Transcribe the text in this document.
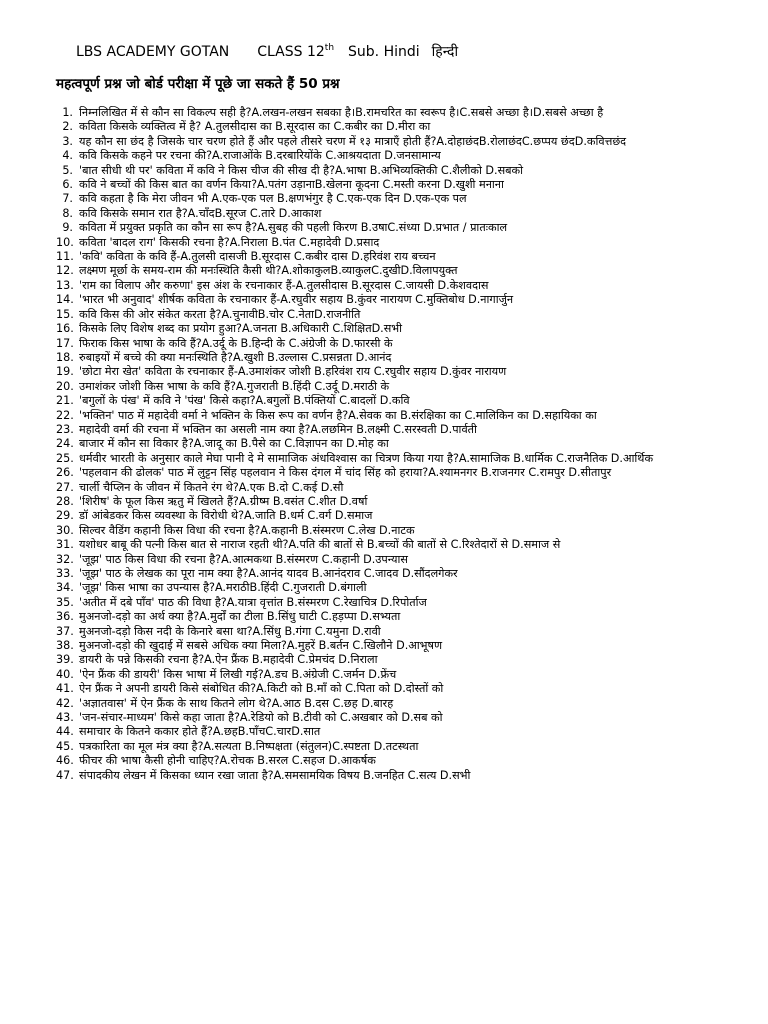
LBS ACADEMY GOTAN CLASS 12th Sub. Hindi हिन्दी
महत्वपूर्ण प्रश्न जो बोर्ड परीक्षा में पूछे जा सकते हैं 50 प्रश्न
1. निम्नलिखित में से कौन सा विकल्प सही है?A.लखन-लखन सबका है।B.रामचरित का स्वरूप है।C.सबसे अच्छा है।D.सबसे अच्छा है
2. कविता किसके व्यक्तित्व में है? A.तुलसीदास का B.सूरदास का C.कबीर का D.मीरा का
3. यह कौन सा छंद है जिसके चार चरण होते हैं और पहले तीसरे चरण में १३ मात्राएँ होती हैं?A.दोहाछंदB.रोलाछंदC.छप्पय छंदD.कवित्तछंद
4. कवि किसके कहने पर रचना की?A.राजाओंके B.दरबारियोंके C.आश्रयदाता D.जनसामान्य
5. 'बात सीधी थी पर' कविता में कवि ने किस चीज की सीख दी है?A.भाषा B.अभिव्यक्तिकी C.शैलीको D.सबको
6. कवि ने बच्चों की किस बात का वर्णन किया?A.पतंग उड़ानाB.खेलना कूदना C.मस्ती करना D.खुशी मनाना
7. कवि कहता है कि मेरा जीवन भी A.एक-एक पल B.क्षणभंगुर है C.एक-एक दिन D.एक-एक पल
8. कवि किसके समान रात है?A.चाँदB.सूरज C.तारे D.आकाश
9. कविता में प्रयुक्त प्रकृति का कौन सा रूप है?A.सुबह की पहली किरण B.उषाC.संध्या D.प्रभात / प्रातःकाल
10. कविता 'बादल राग' किसकी रचना है?A.निराला B.पंत C.महादेवी D.प्रसाद
11. 'कवि' कविता के कवि हैं-A.तुलसी दासजी B.सूरदास C.कबीर दास D.हरिवंश राय बच्चन
12. लक्ष्मण मूर्छा के समय-राम की मनःस्थिति कैसी थी?A.शोकाकुलB.व्याकुलC.दुखीD.विलापयुक्त
13. 'राम का विलाप और करुणा' इस अंश के रचनाकार हैं-A.तुलसीदास B.सूरदास C.जायसी D.केशवदास
14. 'भारत भी अनुवाद' शीर्षक कविता के रचनाकार हैं-A.रघुवीर सहाय B.कुंवर नारायण C.मुक्तिबोध D.नागार्जुन
15. कवि किस की ओर संकेत करता है?A.चुनावीB.चोर C.नेताD.राजनीति
16. किसके लिए विशेष शब्द का प्रयोग हुआ?A.जनता B.अधिकारी C.शिक्षितD.सभी
17. फिराक किस भाषा के कवि हैं?A.उर्दू के B.हिन्दी के C.अंग्रेजी के D.फारसी के
18. रुबाइयों में बच्चे की क्या मनःस्थिति है?A.खुशी B.उल्लास C.प्रसन्नता D.आनंद
19. 'छोटा मेरा खेत' कविता के रचनाकार हैं-A.उमाशंकर जोशी B.हरिवंश राय C.रघुवीर सहाय D.कुंवर नारायण
20. उमाशंकर जोशी किस भाषा के कवि हैं?A.गुजराती B.हिंदी C.उर्दू D.मराठी के
21. 'बगुलों के पंख' में कवि ने 'पंख' किसे कहा?A.बगुलों B.पंक्तियों C.बादलों D.कवि
22. 'भक्तिन' पाठ में महादेवी वर्मा ने भक्तिन के किस रूप का वर्णन है?A.सेवक का B.संरक्षिका का C.मालिकिन का D.सहायिका का
23. महादेवी वर्मा की रचना में भक्तिन का असली नाम क्या है?A.लछमिन B.लक्ष्मी C.सरस्वती D.पार्वती
24. बाजार में कौन सा विकार है?A.जादू का B.पैसे का C.विज्ञापन का D.मोह का
25. धर्मवीर भारती के अनुसार काले मेघा पानी दे मे सामाजिक अंधविश्वास का चित्रण किया गया है?A.सामाजिक B.धार्मिक C.राजनैतिक D.आर्थिक
26. 'पहलवान की ढोलक' पाठ में लुट्टन सिंह पहलवान ने किस दंगल में चांद सिंह को हराया?A.श्यामनगर B.राजनगर C.रामपुर D.सीतापुर
27. चार्ली चैप्लिन के जीवन में कितने रंग थे?A.एक B.दो C.कई D.सौ
28. 'शिरीष' के फूल किस ऋतु में खिलते हैं?A.ग्रीष्म B.वसंत C.शीत D.वर्षा
29. डॉ आंबेडकर किस व्यवस्था के विरोधी थे?A.जाति B.धर्म C.वर्ग D.समाज
30. सिल्वर वैडिंग कहानी किस विधा की रचना है?A.कहानी B.संस्मरण C.लेख D.नाटक
31. यशोधर बाबू की पत्नी किस बात से नाराज रहती थी?A.पति की बातों से B.बच्चों की बातों से C.रिश्तेदारों से D.समाज से
32. 'जूझ' पाठ किस विधा की रचना है?A.आत्मकथा B.संस्मरण C.कहानी D.उपन्यास
33. 'जूझ' पाठ के लेखक का पूरा नाम क्या है?A.आनंद यादव B.आनंदराव C.जादव D.सौंदलगेकर
34. 'जूझ' किस भाषा का उपन्यास है?A.मराठीB.हिंदी C.गुजराती D.बंगाली
35. 'अतीत में दबे पाँव' पाठ की विधा है?A.यात्रा वृत्तांत B.संस्मरण C.रेखाचित्र D.रिपोर्ताज
36. मुअनजो-दड़ो का अर्थ क्या है?A.मुर्दों का टीला B.सिंधु घाटी C.हड़प्पा D.सभ्यता
37. मुअनजो-दड़ो किस नदी के किनारे बसा था?A.सिंधु B.गंगा C.यमुना D.रावी
38. मुअनजो-दड़ो की खुदाई में सबसे अधिक क्या मिला?A.मुहरें B.बर्तन C.खिलौने D.आभूषण
39. डायरी के पन्ने किसकी रचना है?A.ऐन फ्रैंक B.महादेवी C.प्रेमचंद D.निराला
40. 'ऐन फ्रैंक की डायरी' किस भाषा में लिखी गई?A.डच B.अंग्रेजी C.जर्मन D.फ्रेंच
41. ऐन फ्रैंक ने अपनी डायरी किसे संबोधित की?A.किटी को B.माँ को C.पिता को D.दोस्तों को
42. 'अज्ञातवास' में ऐन फ्रैंक के साथ कितने लोग थे?A.आठ B.दस C.छह D.बारह
43. 'जन-संचार-माध्यम' किसे कहा जाता है?A.रेडियो को B.टीवी को C.अखबार को D.सब को
44. समाचार के कितने ककार होते हैं?A.छहB.पाँचC.चारD.सात
45. पत्रकारिता का मूल मंत्र क्या है?A.सत्यता B.निष्पक्षता (संतुलन)C.स्पष्टता D.तटस्थता
46. फीचर की भाषा कैसी होनी चाहिए?A.रोचक B.सरल C.सहज D.आकर्षक
47. संपादकीय लेखन में किसका ध्यान रखा जाता है?A.समसामयिक विषय B.जनहित C.सत्य D.सभी
